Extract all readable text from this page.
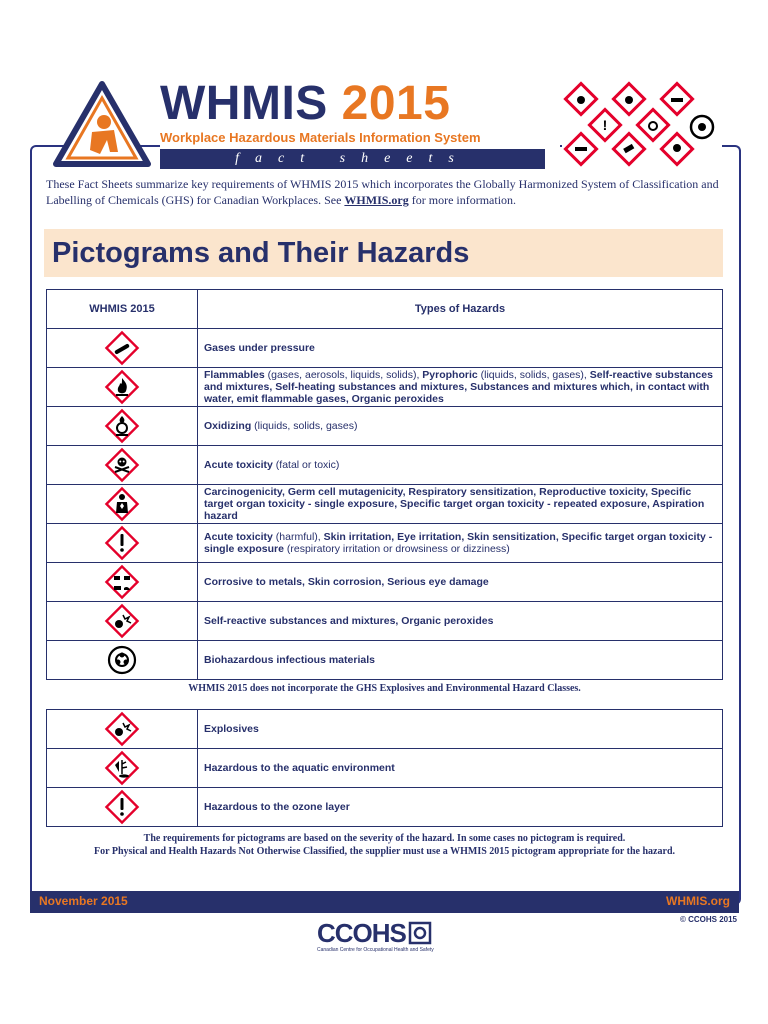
WHMIS 2015
Workplace Hazardous Materials Information System
fact sheets
!
These Fact Sheets summarize key requirements of WHMIS 2015 which incorporates the Globally Harmonized System of Classification and Labelling of Chemicals (GHS) for Canadian Workplaces. See WHMIS.org for more information.
Pictograms and Their Hazards
WHMIS 2015	Types of Hazards

	Gases under pressure

	Flammables (gases, aerosols, liquids, solids), Pyrophoric (liquids, solids, gases), Self-reactive substances and mixtures, Self-heating substances and mixtures, Substances and mixtures which, in contact with water, emit flammable gases, Organic peroxides

	Oxidizing (liquids, solids, gases)

	Acute toxicity (fatal or toxic)

	Carcinogenicity, Germ cell mutagenicity, Respiratory sensitization, Reproductive toxicity, Specific target organ toxicity - single exposure, Specific target organ toxicity - repeated exposure, Aspiration hazard

	Acute toxicity (harmful), Skin irritation, Eye irritation, Skin sensitization, Specific target organ toxicity - single exposure (respiratory irritation or drowsiness or dizziness)

	Corrosive to metals, Skin corrosion, Serious eye damage

	Self-reactive substances and mixtures, Organic peroxides

	Biohazardous infectious materials
WHMIS 2015 does not incorporate the GHS Explosives and Environmental Hazard Classes.
	Explosives

	Hazardous to the aquatic environment

	Hazardous to the ozone layer
The requirements for pictograms are based on the severity of the hazard. In some cases no pictogram is required.
For Physical and Health Hazards Not Otherwise Classified, the supplier must use a WHMIS 2015 pictogram appropriate for the hazard.
November 2015	WHMIS.org
© CCOHS 2015
CCOHS
Canadian Centre for Occupational Health and Safety
